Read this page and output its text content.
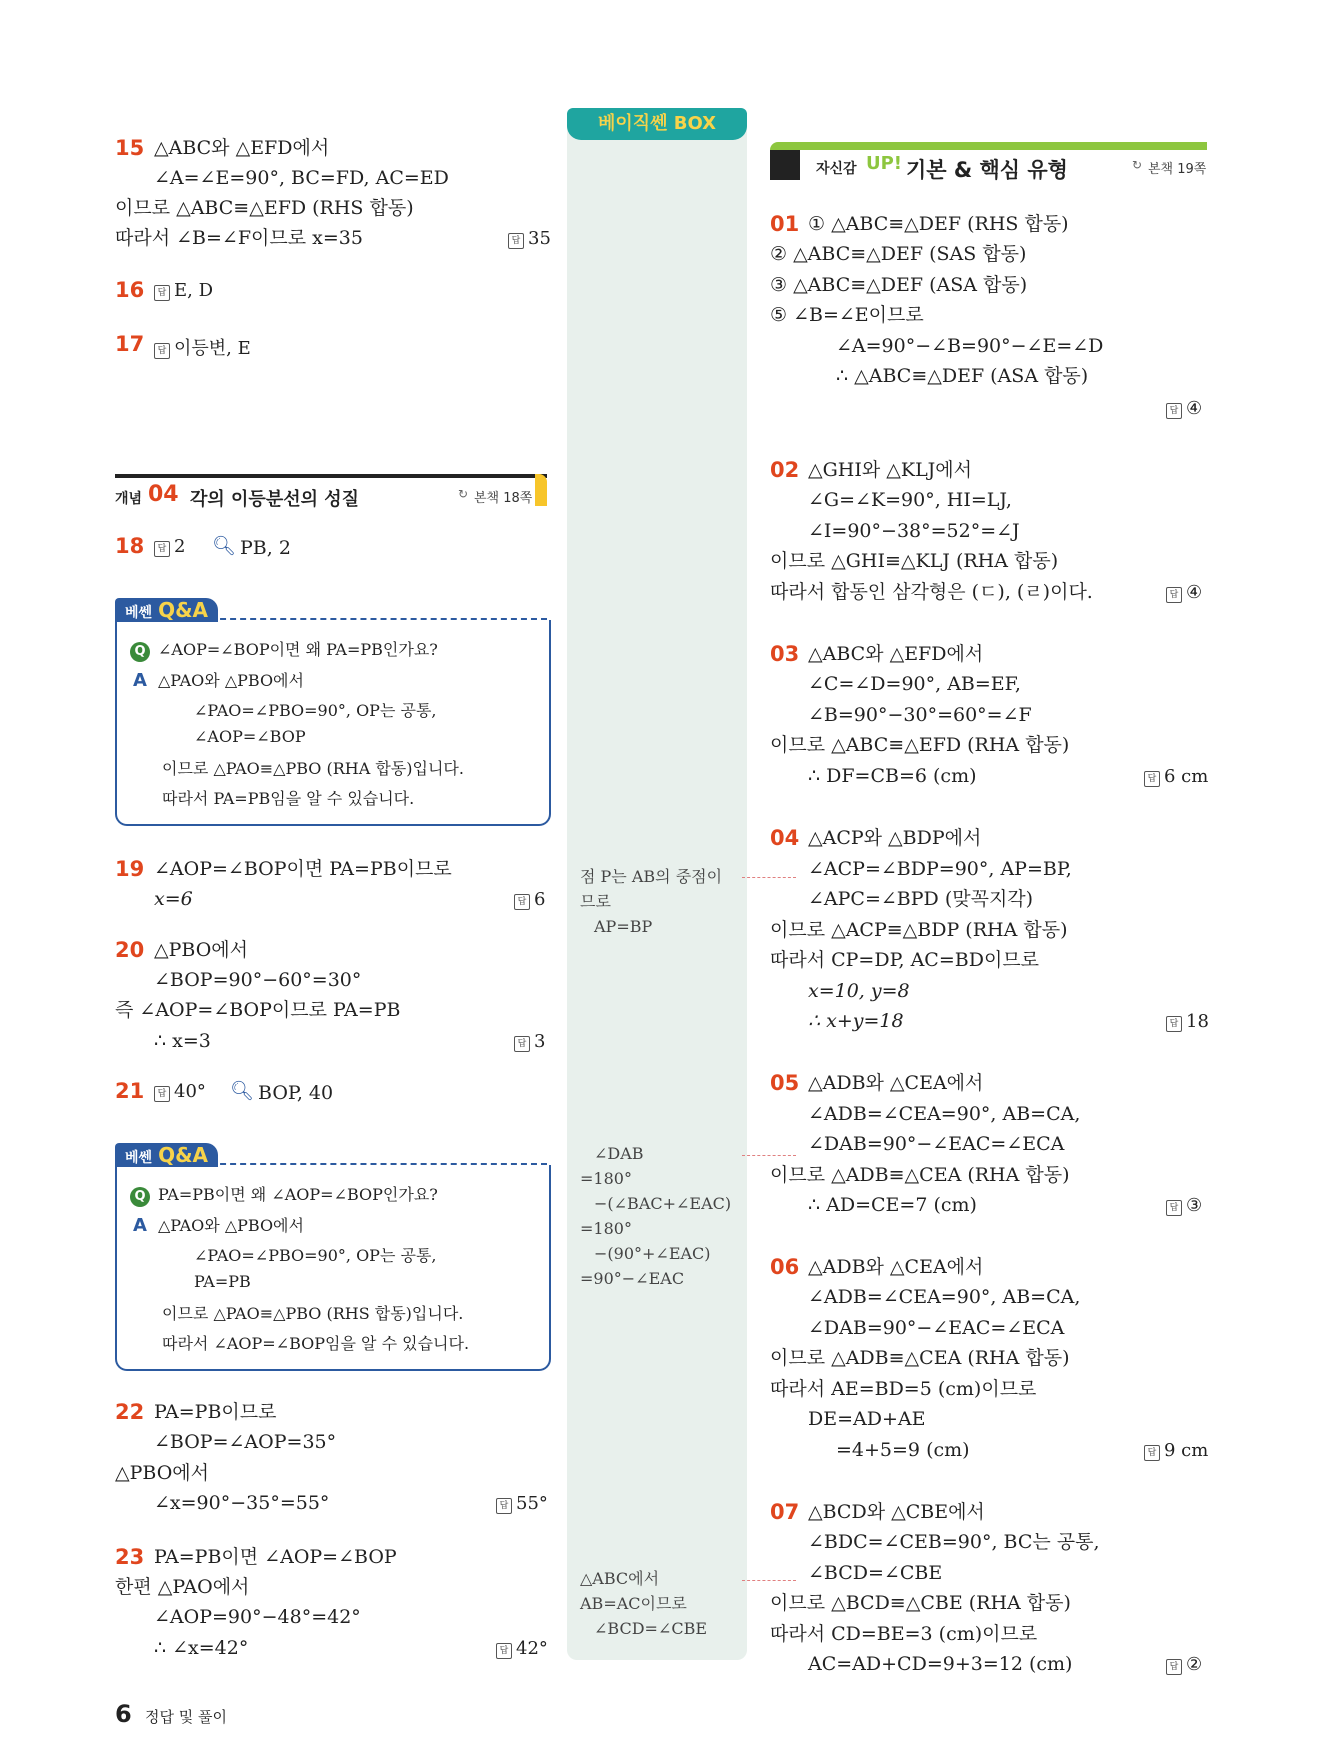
15 △ABC와 △EFD에서
∠A=∠E=90°, BC=FD, AC=ED
이므로 △ABC≡△EFD (RHS 합동)
따라서 ∠B=∠F이므로 x=35	답 35
16	답 E, D
17	답 이등변, E
개념 04 각의 이등분선의 성질	↻ 본책 18쪽
18	답 2 🔍︎ PB, 2
베쎈 Q&A
Q ∠AOP=∠BOP이면 왜 PA=PB인가요?
A △PAO와 △PBO에서
∠PAO=∠PBO=90°, OP는 공통,
∠AOP=∠BOP
이므로 △PAO≡△PBO (RHA 합동)입니다.
따라서 PA=PB임을 알 수 있습니다.
19 ∠AOP=∠BOP이면 PA=PB이므로
x=6	답 6
20 △PBO에서
∠BOP=90°−60°=30°
즉 ∠AOP=∠BOP이므로 PA=PB
∴ x=3	답 3
21	답 40° 🔍︎ BOP, 40
베쎈 Q&A
Q PA=PB이면 왜 ∠AOP=∠BOP인가요?
A △PAO와 △PBO에서
∠PAO=∠PBO=90°, OP는 공통,
PA=PB
이므로 △PAO≡△PBO (RHS 합동)입니다.
따라서 ∠AOP=∠BOP임을 알 수 있습니다.
22 PA=PB이므로
∠BOP=∠AOP=35°
△PBO에서
∠x=90°−35°=55°	답 55°
23 PA=PB이면 ∠AOP=∠BOP
한편 △PAO에서
∠AOP=90°−48°=42°
∴ ∠x=42°	답 42°
베이직쎈 BOX
점 P는 AB의 중점이
므로
AP=BP
∠DAB
=180°
−(∠BAC+∠EAC)
=180°
−(90°+∠EAC)
=90°−∠EAC
△ABC에서
AB=AC이므로
∠BCD=∠CBE
자신감 UP! 기본 & 핵심 유형	↻ 본책 19쪽
01 ① △ABC≡△DEF (RHS 합동)
② △ABC≡△DEF (SAS 합동)
③ △ABC≡△DEF (ASA 합동)
⑤ ∠B=∠E이므로
∠A=90°−∠B=90°−∠E=∠D
∴ △ABC≡△DEF (ASA 합동)
답 ④
02 △GHI와 △KLJ에서
∠G=∠K=90°, HI=LJ,
∠I=90°−38°=52°=∠J
이므로 △GHI≡△KLJ (RHA 합동)
따라서 합동인 삼각형은 (ㄷ), (ㄹ)이다.	답 ④
03 △ABC와 △EFD에서
∠C=∠D=90°, AB=EF,
∠B=90°−30°=60°=∠F
이므로 △ABC≡△EFD (RHA 합동)
∴ DF=CB=6 (cm)	답 6 cm
04 △ACP와 △BDP에서
∠ACP=∠BDP=90°, AP=BP,
∠APC=∠BPD (맞꼭지각)
이므로 △ACP≡△BDP (RHA 합동)
따라서 CP=DP, AC=BD이므로
x=10, y=8
∴ x+y=18	답 18
05 △ADB와 △CEA에서
∠ADB=∠CEA=90°, AB=CA,
∠DAB=90°−∠EAC=∠ECA
이므로 △ADB≡△CEA (RHA 합동)
∴ AD=CE=7 (cm)	답 ③
06 △ADB와 △CEA에서
∠ADB=∠CEA=90°, AB=CA,
∠DAB=90°−∠EAC=∠ECA
이므로 △ADB≡△CEA (RHA 합동)
따라서 AE=BD=5 (cm)이므로
DE=AD+AE
=4+5=9 (cm)	답 9 cm
07 △BCD와 △CBE에서
∠BDC=∠CEB=90°, BC는 공통,
∠BCD=∠CBE
이므로 △BCD≡△CBE (RHA 합동)
따라서 CD=BE=3 (cm)이므로
AC=AD+CD=9+3=12 (cm)	답 ②
6 정답 및 풀이
